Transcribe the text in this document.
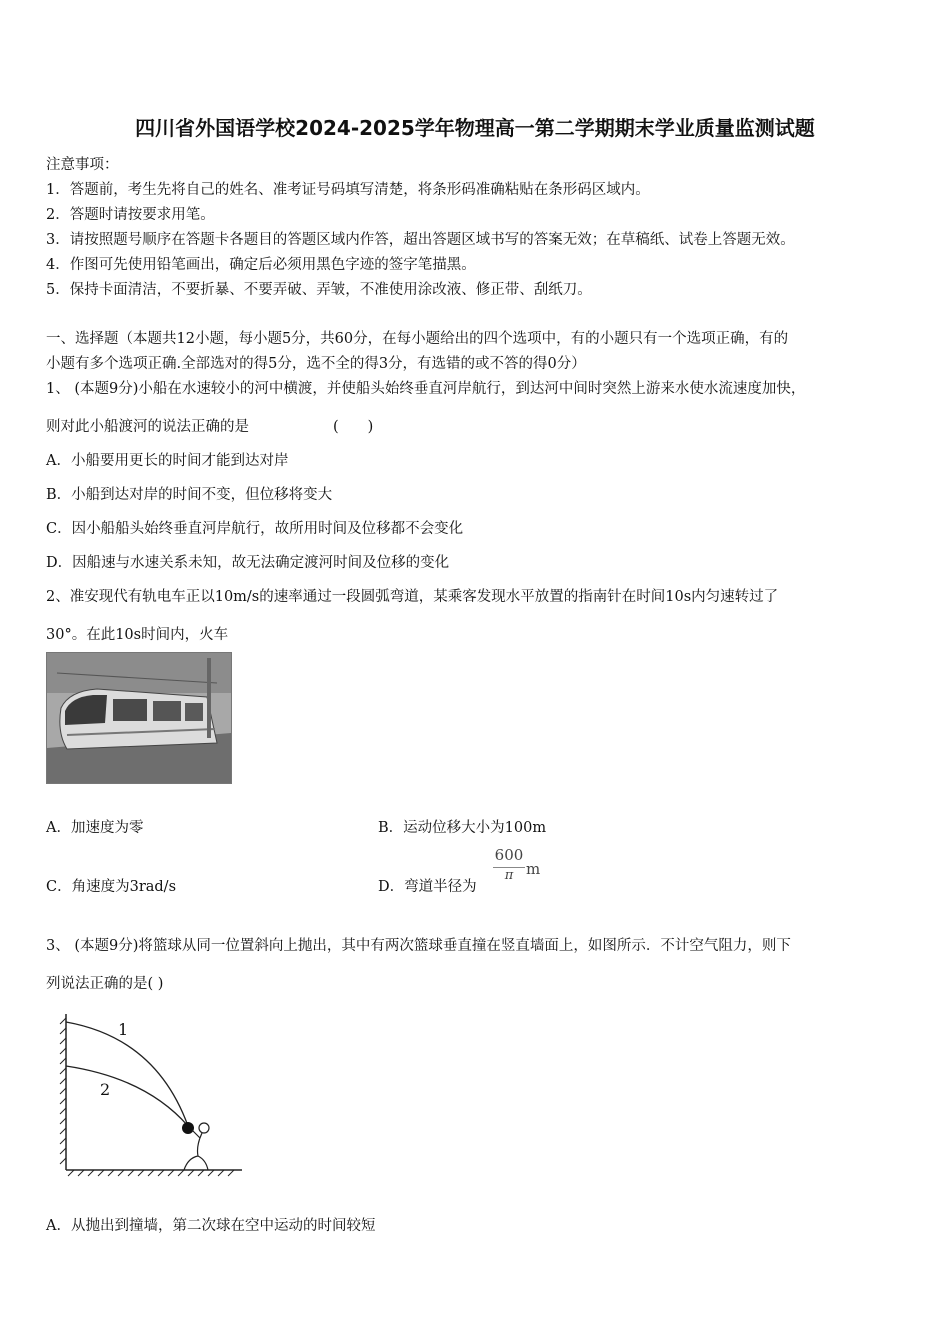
四川省外国语学校2024-2025学年物理高一第二学期期末学业质量监测试题
注意事项：
1．答题前，考生先将自己的姓名、准考证号码填写清楚，将条形码准确粘贴在条形码区域内。
2．答题时请按要求用笔。
3．请按照题号顺序在答题卡各题目的答题区域内作答，超出答题区域书写的答案无效；在草稿纸、试卷上答题无效。
4．作图可先使用铅笔画出，确定后必须用黑色字迹的签字笔描黑。
5．保持卡面清洁，不要折暴、不要弄破、弄皱，不准使用涂改液、修正带、刮纸刀。
一、选择题（本题共12小题，每小题5分，共60分，在每小题给出的四个选项中，有的小题只有一个选项正确，有的
小题有多个选项正确.全部选对的得5分，选不全的得3分，有选错的或不答的得0分）
1、 (本题9分)小船在水速较小的河中横渡，并使船头始终垂直河岸航行，到达河中间时突然上游来水使水流速度加快，
则对此小船渡河的说法正确的是	(　　)
A．小船要用更长的时间才能到达对岸
B．小船到达对岸的时间不变，但位移将变大
C．因小船船头始终垂直河岸航行，故所用时间及位移都不会变化
D．因船速与水速关系未知，故无法确定渡河时间及位移的变化
2、准安现代有轨电车正以10m/s的速率通过一段圆弧弯道，某乘客发现水平放置的指南针在时间10s内匀速转过了
30°。在此10s时间内，火车
A．加速度为零	B．运动位移大小为100m
C．角速度为3rad/s	D．弯道半径为
$\frac{600}{\pi}$ m
3、 (本题9分)将篮球从同一位置斜向上抛出，其中有两次篮球垂直撞在竖直墙面上，如图所示．不计空气阻力，则下
列说法正确的是( )
1
2
A．从抛出到撞墙，第二次球在空中运动的时间较短
